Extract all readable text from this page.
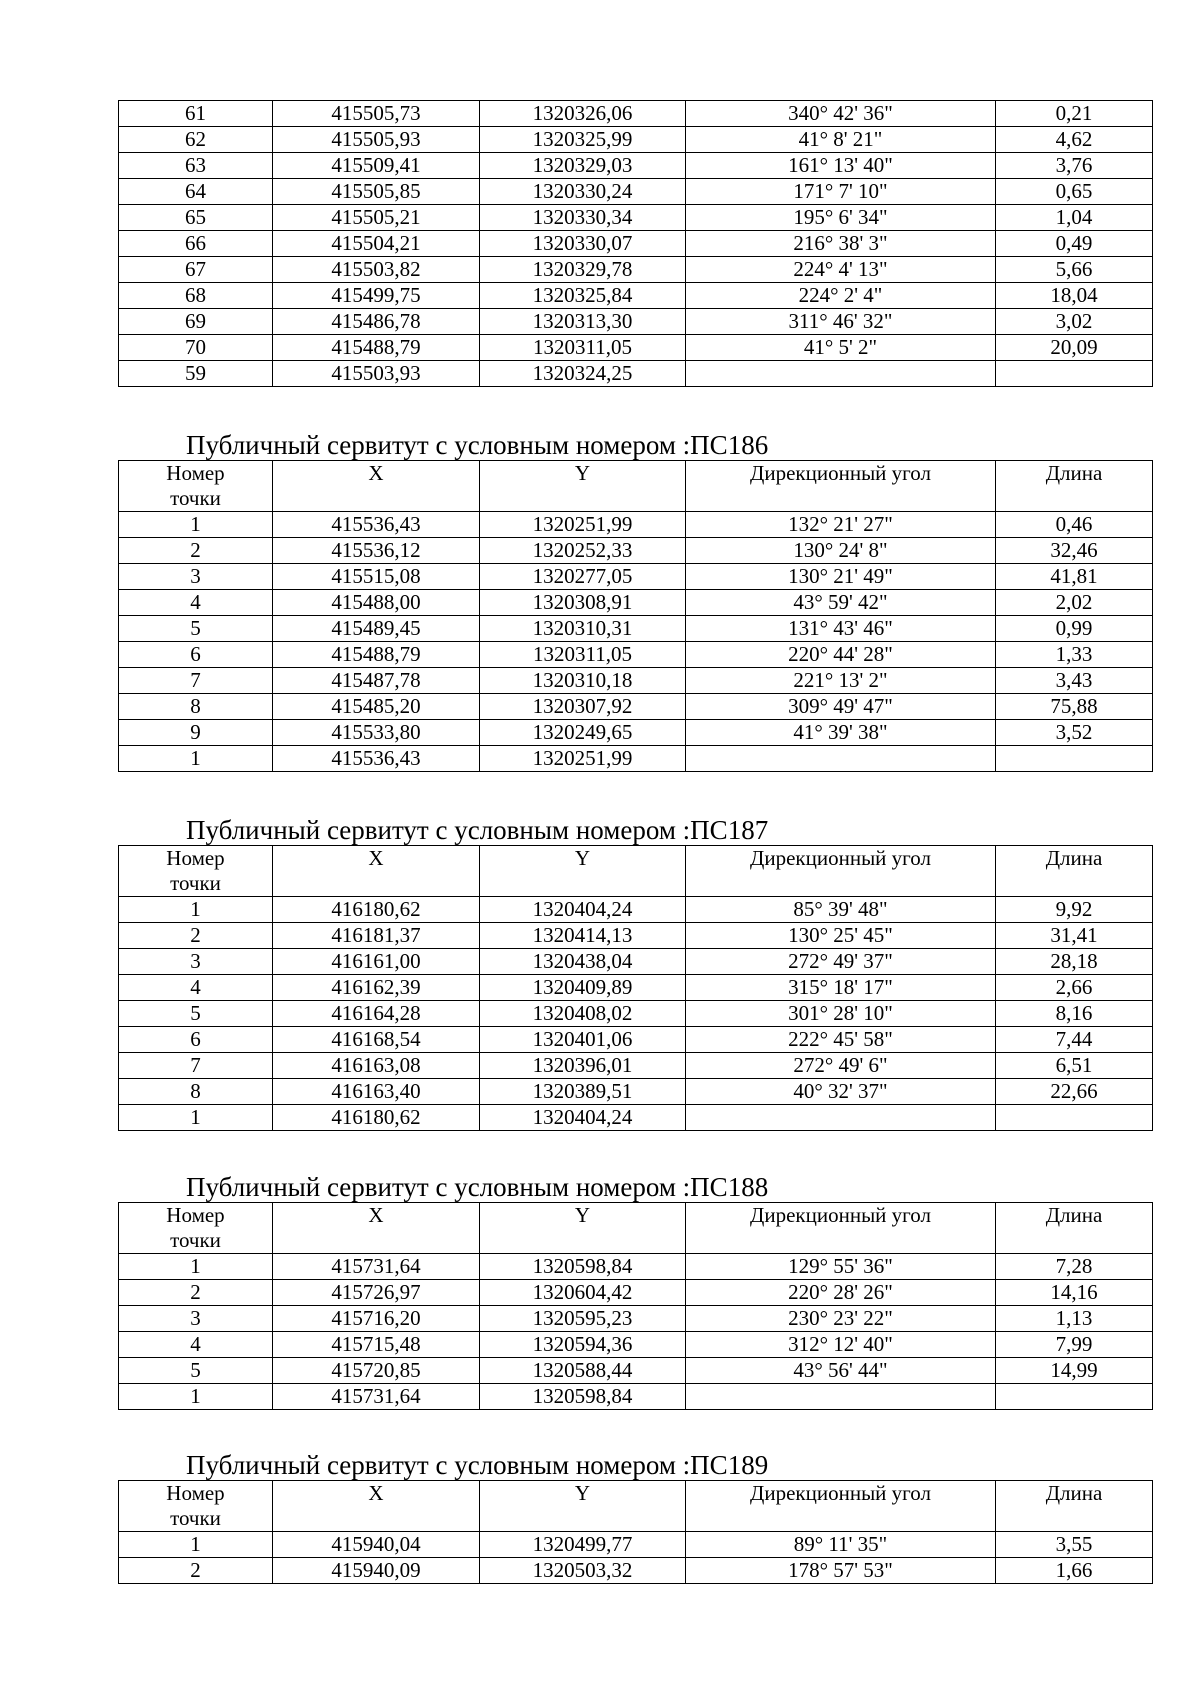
61	415505,73	1320326,06	340° 42' 36"	0,21
62	415505,93	1320325,99	41° 8' 21"	4,62
63	415509,41	1320329,03	161° 13' 40"	3,76
64	415505,85	1320330,24	171° 7' 10"	0,65
65	415505,21	1320330,34	195° 6' 34"	1,04
66	415504,21	1320330,07	216° 38' 3"	0,49
67	415503,82	1320329,78	224° 4' 13"	5,66
68	415499,75	1320325,84	224° 2' 4"	18,04
69	415486,78	1320313,30	311° 46' 32"	3,02
70	415488,79	1320311,05	41° 5' 2"	20,09
59	415503,93	1320324,25		
Публичный сервитут с условным номером :ПС186
Номер
точки	X	Y	Дирекционный угол	Длина
1	415536,43	1320251,99	132° 21' 27"	0,46
2	415536,12	1320252,33	130° 24' 8"	32,46
3	415515,08	1320277,05	130° 21' 49"	41,81
4	415488,00	1320308,91	43° 59' 42"	2,02
5	415489,45	1320310,31	131° 43' 46"	0,99
6	415488,79	1320311,05	220° 44' 28"	1,33
7	415487,78	1320310,18	221° 13' 2"	3,43
8	415485,20	1320307,92	309° 49' 47"	75,88
9	415533,80	1320249,65	41° 39' 38"	3,52
1	415536,43	1320251,99		
Публичный сервитут с условным номером :ПС187
Номер
точки	X	Y	Дирекционный угол	Длина
1	416180,62	1320404,24	85° 39' 48"	9,92
2	416181,37	1320414,13	130° 25' 45"	31,41
3	416161,00	1320438,04	272° 49' 37"	28,18
4	416162,39	1320409,89	315° 18' 17"	2,66
5	416164,28	1320408,02	301° 28' 10"	8,16
6	416168,54	1320401,06	222° 45' 58"	7,44
7	416163,08	1320396,01	272° 49' 6"	6,51
8	416163,40	1320389,51	40° 32' 37"	22,66
1	416180,62	1320404,24		
Публичный сервитут с условным номером :ПС188
Номер
точки	X	Y	Дирекционный угол	Длина
1	415731,64	1320598,84	129° 55' 36"	7,28
2	415726,97	1320604,42	220° 28' 26"	14,16
3	415716,20	1320595,23	230° 23' 22"	1,13
4	415715,48	1320594,36	312° 12' 40"	7,99
5	415720,85	1320588,44	43° 56' 44"	14,99
1	415731,64	1320598,84		
Публичный сервитут с условным номером :ПС189
Номер
точки	X	Y	Дирекционный угол	Длина
1	415940,04	1320499,77	89° 11' 35"	3,55
2	415940,09	1320503,32	178° 57' 53"	1,66
